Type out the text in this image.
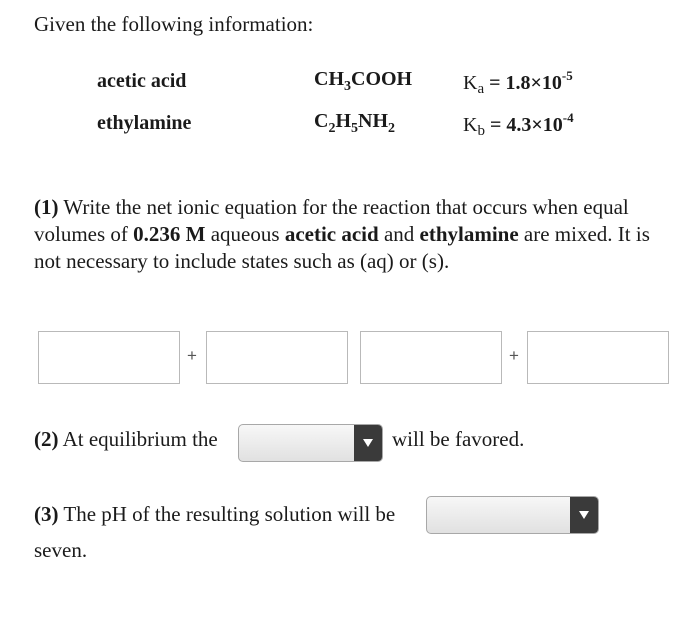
Given the following information:
acetic acid	$CH_3COOH$	$K_a = 1.8\times 10^{-5}$
ethylamine	$C_2H_5NH_2$	$K_b = 4.3\times 10^{-4}$
(1) Write the net ionic equation for the reaction that occurs when equal volumes of 0.236 M aqueous acetic acid and ethylamine are mixed. It is not necessary to include states such as (aq) or (s).
+	+
(2) At equilibrium the	will be favored.
(3) The pH of the resulting solution will be
seven.
